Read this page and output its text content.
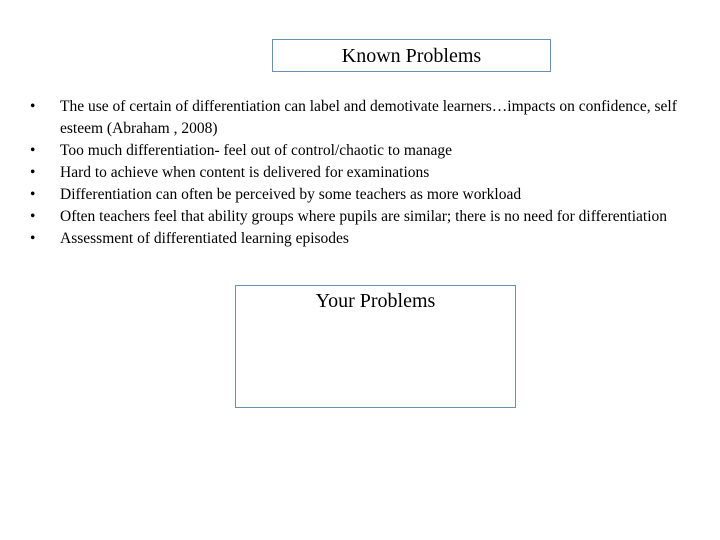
Known Problems
•	The use of certain of differentiation can label and demotivate learners…impacts on confidence, self esteem (Abraham , 2008)
•	Too much differentiation- feel out of control/chaotic to manage
•	Hard to achieve when content is delivered for examinations
•	Differentiation can often be perceived by some teachers as more workload
•	Often teachers feel that ability groups where pupils are similar; there is no need for differentiation
•	Assessment of differentiated learning episodes
Your Problems
